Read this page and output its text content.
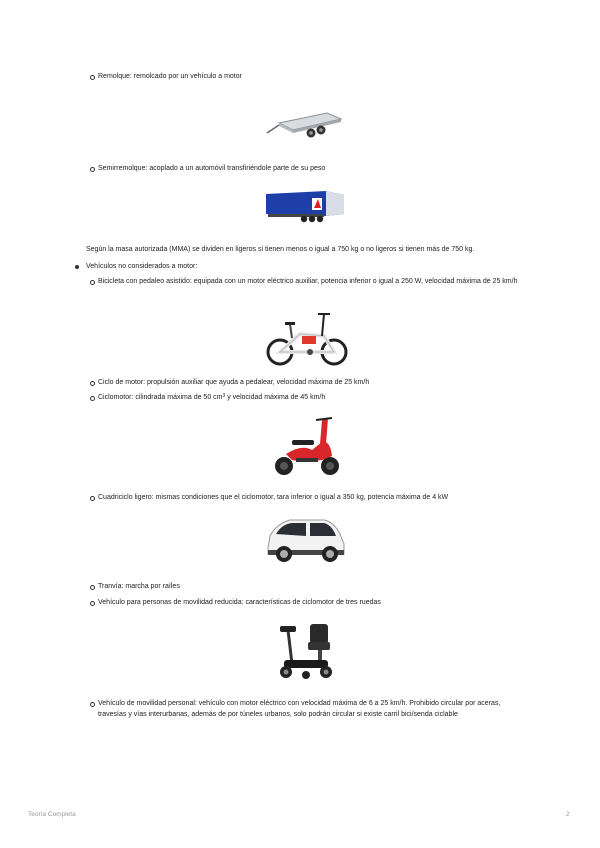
Remolque: remolcado por un vehículo a motor
Semirremolque: acoplado a un automóvil transfiriéndole parte de su peso
Según la masa autorizada (MMA) se dividen en ligeros si tienen menos o igual a 750 kg o no ligeros si tienen más de 750 kg.
Vehículos no considerados a motor:
Bicicleta con pedaleo asistido: equipada con un motor eléctrico auxiliar, potencia inferior o igual a 250 W, velocidad máxima de 25 km/h
Ciclo de motor: propulsión auxiliar que ayuda a pedalear, velocidad máxima de 25 km/h
Ciclomotor: cilindrada máxima de 50 $cm^3$ y velocidad máxima de 45 km/h
Cuadriciclo ligero: mismas condiciones que el ciclomotor, tara inferior o igual a 350 kg, potencia máxima de 4 kW
Tranvía: marcha por raíles
Vehículo para personas de movilidad reducida: características de ciclomotor de tres ruedas
Vehículo de movilidad personal: vehículo con motor eléctrico con velocidad máxima de 6 a 25 km/h. Prohibido circular por aceras, travesías y vías interurbanas, además de por túneles urbanos, solo podrán circular si existe carril bici/senda ciclable
Teoría Completa	2
